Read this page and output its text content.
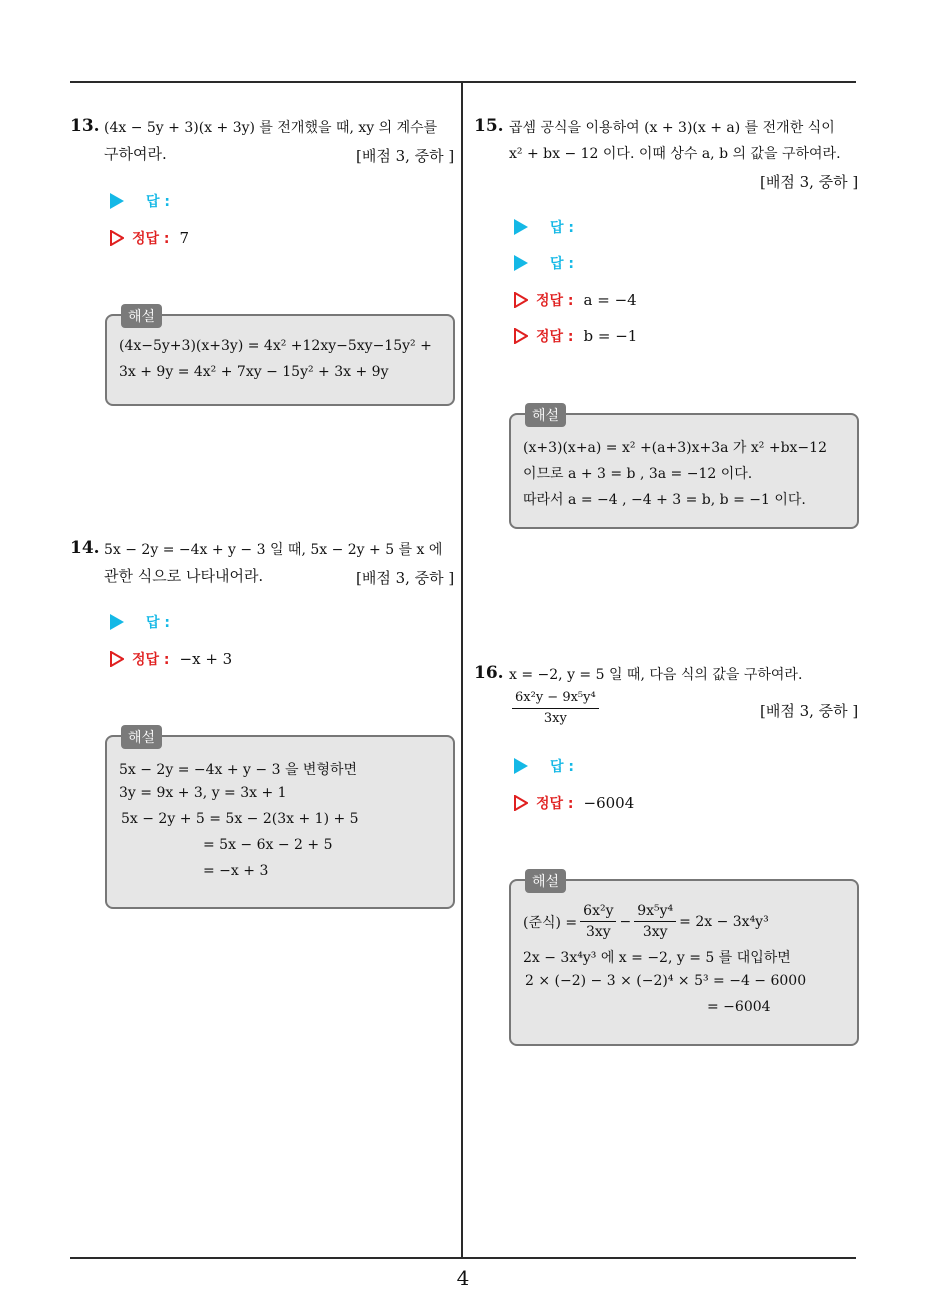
4
13. (4x − 5y + 3)(x + 3y) 를 전개했을 때, xy 의 계수를
구하여라.	[배점 3, 중하 ]
답 :
정답 : 7
해설
(4x−5y+3)(x+3y) = 4x² +12xy−5xy−15y² +
3x + 9y = 4x² + 7xy − 15y² + 3x + 9y
14. 5x − 2y = −4x + y − 3 일 때, 5x − 2y + 5 를 x 에
관한 식으로 나타내어라.	[배점 3, 중하 ]
답 :
정답 : −x + 3
해설
5x − 2y = −4x + y − 3 을 변형하면
3y = 9x + 3, y = 3x + 1
5x − 2y + 5 = 5x − 2(3x + 1) + 5
= 5x − 6x − 2 + 5
= −x + 3
15. 곱셈 공식을 이용하여 (x + 3)(x + a) 를 전개한 식이
x² + bx − 12 이다. 이때 상수 a, b 의 값을 구하여라.
[배점 3, 중하 ]
답 :
답 :
정답 : a = −4
정답 : b = −1
해설
(x+3)(x+a) = x² +(a+3)x+3a 가 x² +bx−12
이므로 a + 3 = b , 3a = −12 이다.
따라서 a = −4 , −4 + 3 = b, b = −1 이다.
16. x = −2, y = 5 일 때, 다음 식의 값을 구하여라.
$\frac{\text{6x²y − 9x⁵y⁴}}{3xy}$	[배점 3, 중하 ]
답 :
정답 : −6004
해설
(준식) = $\frac{\text{6x²y}}{3xy} - \frac{\text{9x⁵y⁴}}{3xy} = 2x - 3x^4y^3$
2x − 3x⁴y³ 에 x = −2, y = 5 를 대입하면
2 × (−2) − 3 × (−2)⁴ × 5³ = −4 − 6000
= −6004
